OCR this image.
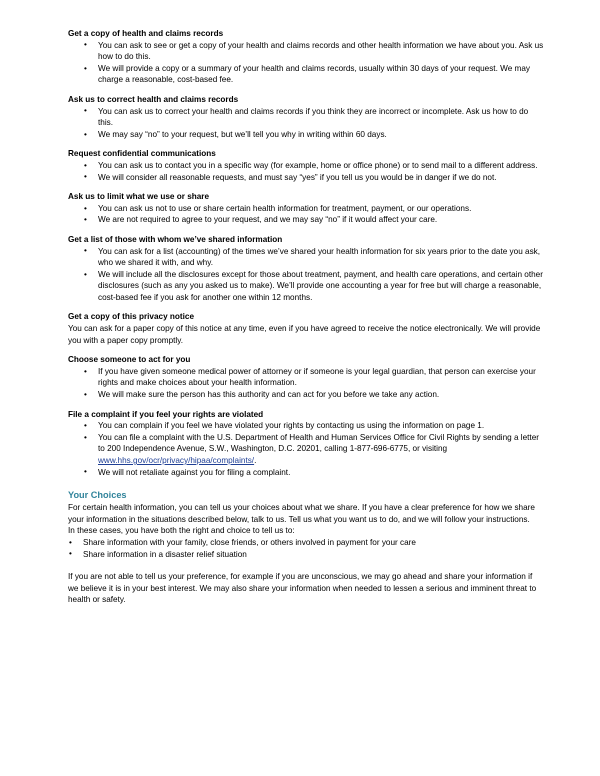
Get a copy of health and claims records
• You can ask to see or get a copy of your health and claims records and other health information we have about you. Ask us how to do this.
• We will provide a copy or a summary of your health and claims records, usually within 30 days of your request. We may charge a reasonable, cost-based fee.
Ask us to correct health and claims records
• You can ask us to correct your health and claims records if you think they are incorrect or incomplete. Ask us how to do this.
• We may say “no” to your request, but we’ll tell you why in writing within 60 days.
Request confidential communications
• You can ask us to contact you in a specific way (for example, home or office phone) or to send mail to a different address.
• We will consider all reasonable requests, and must say “yes” if you tell us you would be in danger if we do not.
Ask us to limit what we use or share
• You can ask us not to use or share certain health information for treatment, payment, or our operations.
• We are not required to agree to your request, and we may say “no” if it would affect your care.
Get a list of those with whom we’ve shared information
• You can ask for a list (accounting) of the times we’ve shared your health information for six years prior to the date you ask, who we shared it with, and why.
• We will include all the disclosures except for those about treatment, payment, and health care operations, and certain other disclosures (such as any you asked us to make). We’ll provide one accounting a year for free but will charge a reasonable, cost-based fee if you ask for another one within 12 months.
Get a copy of this privacy notice

You can ask for a paper copy of this notice at any time, even if you have agreed to receive the notice electronically. We will provide you with a paper copy promptly.

Choose someone to act for you
• If you have given someone medical power of attorney or if someone is your legal guardian, that person can exercise your rights and make choices about your health information.
• We will make sure the person has this authority and can act for you before we take any action.
File a complaint if you feel your rights are violated
• You can complain if you feel we have violated your rights by contacting us using the information on page 1.
• You can file a complaint with the U.S. Department of Health and Human Services Office for Civil Rights by sending a letter to 200 Independence Avenue, S.W., Washington, D.C. 20201, calling 1-877-696-6775, or visiting www.hhs.gov/ocr/privacy/hipaa/complaints/.
• We will not retaliate against you for filing a complaint.
Your Choices

For certain health information, you can tell us your choices about what we share. If you have a clear preference for how we share your information in the situations described below, talk to us. Tell us what you want us to do, and we will follow your instructions.

In these cases, you have both the right and choice to tell us to:

• Share information with your family, close friends, or others involved in payment for your care
• Share information in a disaster relief situation

If you are not able to tell us your preference, for example if you are unconscious, we may go ahead and share your information if we believe it is in your best interest. We may also share your information when needed to lessen a serious and imminent threat to health or safety.
